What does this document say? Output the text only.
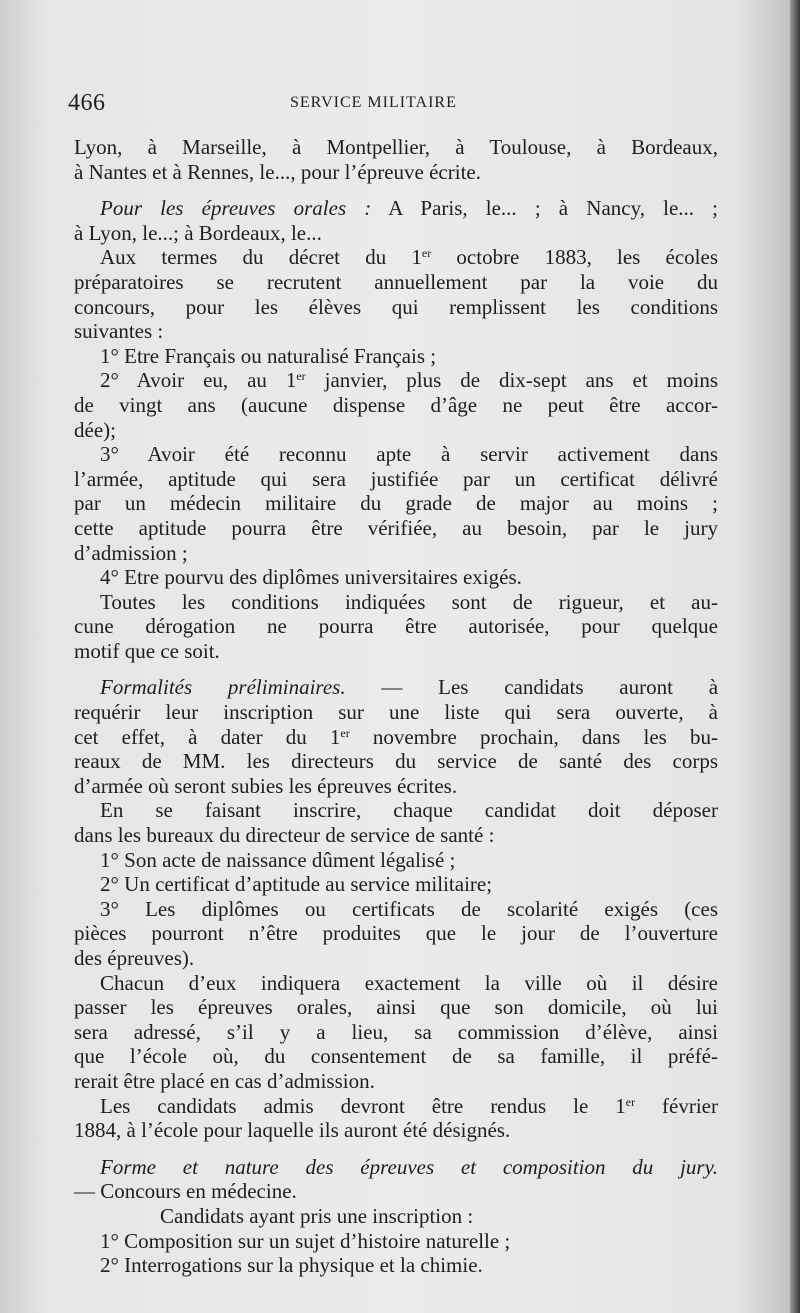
466	SERVICE MILITAIRE
Lyon, à Marseille, à Montpellier, à Toulouse, à Bordeaux,
à Nantes et à Rennes, le..., pour l’épreuve écrite.
Pour les épreuves orales : A Paris, le... ; à Nancy, le... ;
à Lyon, le...; à Bordeaux, le...
Aux termes du décret du 1er octobre 1883, les écoles
préparatoires se recrutent annuellement par la voie du
concours, pour les élèves qui remplissent les conditions
suivantes :
1° Etre Français ou naturalisé Français ;
2° Avoir eu, au 1er janvier, plus de dix-sept ans et moins
de vingt ans (aucune dispense d’âge ne peut être accor-
dée);
3° Avoir été reconnu apte à servir activement dans
l’armée, aptitude qui sera justifiée par un certificat délivré
par un médecin militaire du grade de major au moins ;
cette aptitude pourra être vérifiée, au besoin, par le jury
d’admission ;
4° Etre pourvu des diplômes universitaires exigés.
Toutes les conditions indiquées sont de rigueur, et au-
cune dérogation ne pourra être autorisée, pour quelque
motif que ce soit.
Formalités préliminaires. — Les candidats auront à
requérir leur inscription sur une liste qui sera ouverte, à
cet effet, à dater du 1er novembre prochain, dans les bu-
reaux de MM. les directeurs du service de santé des corps
d’armée où seront subies les épreuves écrites.
En se faisant inscrire, chaque candidat doit déposer
dans les bureaux du directeur de service de santé :
1° Son acte de naissance dûment légalisé ;
2° Un certificat d’aptitude au service militaire;
3° Les diplômes ou certificats de scolarité exigés (ces
pièces pourront n’être produites que le jour de l’ouverture
des épreuves).
Chacun d’eux indiquera exactement la ville où il désire
passer les épreuves orales, ainsi que son domicile, où lui
sera adressé, s’il y a lieu, sa commission d’élève, ainsi
que l’école où, du consentement de sa famille, il préfé-
rerait être placé en cas d’admission.
Les candidats admis devront être rendus le 1er février
1884, à l’école pour laquelle ils auront été désignés.
Forme et nature des épreuves et composition du jury.
— Concours en médecine.
Candidats ayant pris une inscription :
1° Composition sur un sujet d’histoire naturelle ;
2° Interrogations sur la physique et la chimie.
